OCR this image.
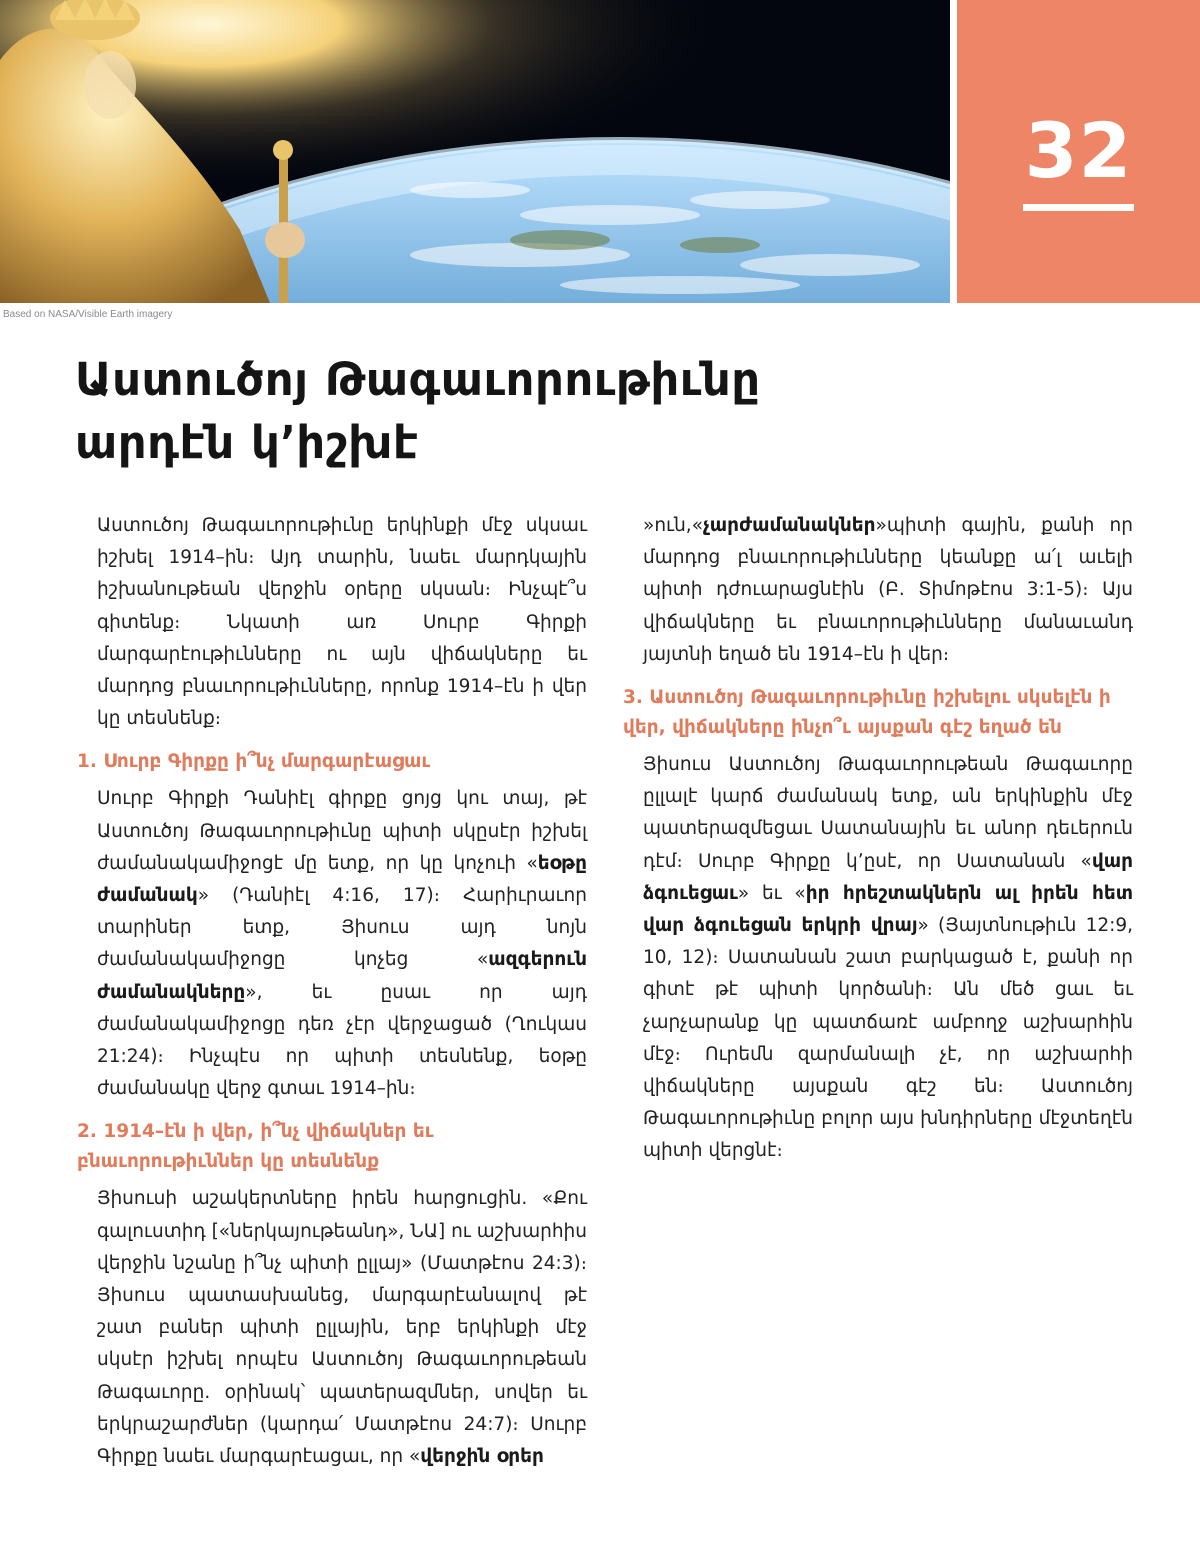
32
Based on NASA/Visible Earth imagery
Աստուծոյ Թագաւորութիւնը
արդէն կ՚իշխէ

Աստուծոյ Թագաւորութիւնը երկինքի մէջ սկսաւ իշխել 1914–ին։ Այդ տարին, նաեւ մարդկային իշխանութեան վերջին օրերը սկսան։ Ինչպէ՞ս գիտենք։ Նկատի առ Սուրբ Գիրքի մարգարէութիւնները ու այն վիճակները եւ մարդոց բնաւորութիւնները, որոնք 1914–էն ի վեր կը տեսնենք։

1. Սուրբ Գիրքը ի՞նչ մարգարէացաւ

Սուրբ Գիրքի Դանիէլ գիրքը ցոյց կու տայ, թէ Աստուծոյ Թագաւորութիւնը պիտի սկըսէր իշխել ժամանակամիջոցէ մը ետք, որ կը կոչուի «եօթը ժամանակ» (Դանիէլ 4:16, 17)։ Հարիւրաւոր տարիներ ետք, Յիսուս այդ նոյն ժամանակամիջոցը կոչեց «ազգերուն ժամանակները», եւ ըսաւ որ այդ ժամանակամիջոցը դեռ չէր վերջացած (Ղուկաս 21:24)։ Ինչպէս որ պիտի տեսնենք, եօթը ժամանակը վերջ գտաւ 1914–ին։

2. 1914–էն ի վեր, ի՞նչ վիճակներ եւ բնաւորութիւններ կը տեսնենք

Յիսուսի աշակերտները իրեն հարցուցին. «Քու գալուստիդ [«ներկայութեանդ», ՆԱ] ու աշխարհիս վերջին նշանը ի՞նչ պիտի ըլլայ» (Մատթէոս 24:3)։ Յիսուս պատասխանեց, մարգարէանալով թէ շատ բաներ պիտի ըլլային, երբ երկինքի մէջ սկսէր իշխել որպէս Աստուծոյ Թագաւորութեան Թագաւորը. օրինակ՝ պատերազմներ, սովեր եւ երկրաշարժներ (կարդա՛ Մատթէոս 24:7)։ Սուրբ Գիրքը նաեւ մարգարէացաւ, որ «վերջին օրեր

»ուն,«չարժամանակներ»պիտի գային, քանի որ մարդոց բնաւորութիւնները կեանքը ա՛լ աւելի պիտի դժուարացնէին (Բ. Տիմոթէոս 3:1-5)։ Այս վիճակները եւ բնաւորութիւնները մանաւանդ յայտնի եղած են 1914–էն ի վեր։

3. Աստուծոյ Թագաւորութիւնը իշխելու սկսելէն ի վեր, վիճակները ինչո՞ւ այսքան գէշ եղած են

Յիսուս Աստուծոյ Թագաւորութեան Թագաւորը ըլլալէ կարճ ժամանակ ետք, ան երկինքին մէջ պատերազմեցաւ Սատանային եւ անոր դեւերուն դէմ։ Սուրբ Գիրքը կ՚ըսէ, որ Սատանան «վար ձգուեցաւ» եւ «իր հրեշտակներն ալ իրեն հետ վար ձգուեցան երկրի վրայ» (Յայտնութիւն 12:9, 10, 12)։ Սատանան շատ բարկացած է, քանի որ գիտէ թէ պիտի կործանի։ Ան մեծ ցաւ եւ չարչարանք կը պատճառէ ամբողջ աշխարհին մէջ։ Ուրեմն զարմանալի չէ, որ աշխարհի վիճակները այսքան գէշ են։ Աստուծոյ Թագաւորութիւնը բոլոր այս խնդիրները մէջտեղէն պիտի վերցնէ։
